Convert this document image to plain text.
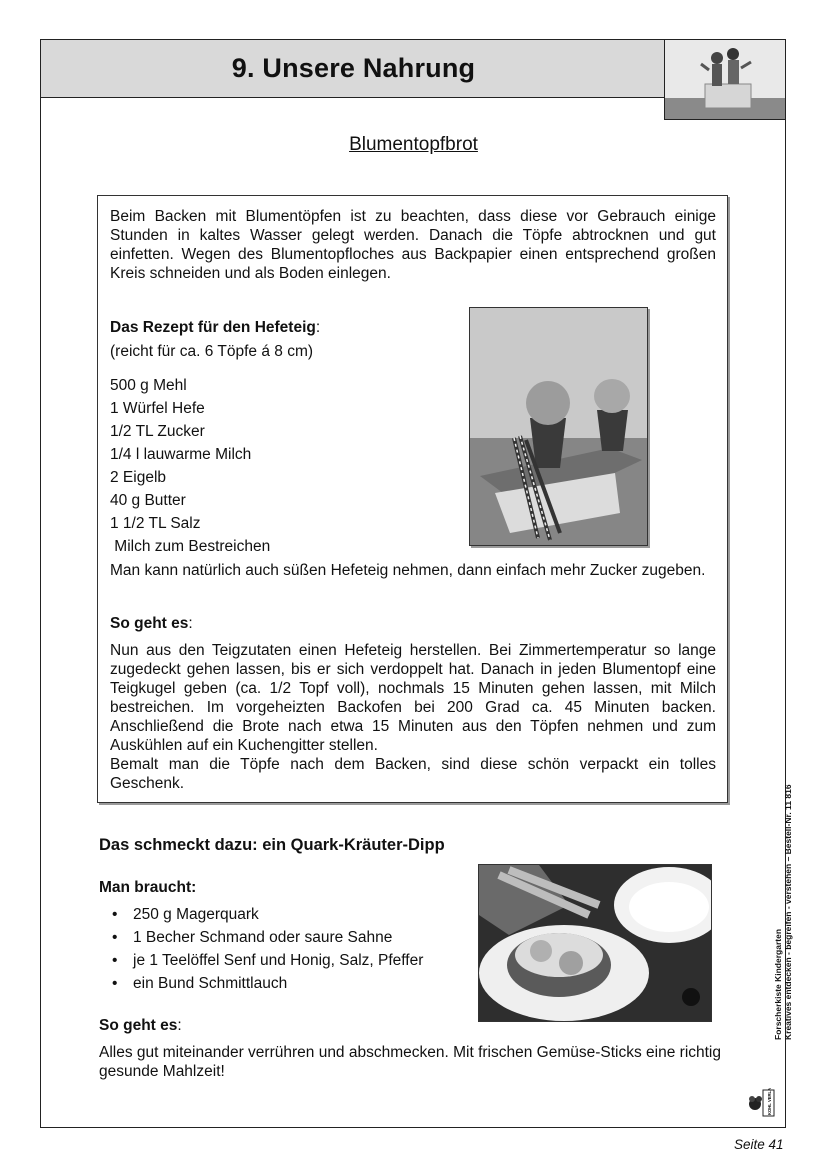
9. Unsere Nahrung
Blumentopfbrot
Beim Backen mit Blumentöpfen ist zu beachten, dass diese vor Gebrauch einige Stunden in kaltes Wasser gelegt werden. Danach die Töpfe abtrocknen und gut einfetten. Wegen des Blumentopfloches aus Backpapier einen entsprechend großen Kreis schneiden und als Boden einlegen.
Das Rezept für den Hefeteig:
(reicht für ca. 6 Töpfe á 8 cm)
500 g Mehl
1 Würfel Hefe
1/2 TL Zucker
1/4 l lauwarme Milch
2 Eigelb
40 g Butter
1 1/2 TL Salz
Milch zum Bestreichen
Man kann natürlich auch süßen Hefeteig nehmen, dann einfach mehr Zucker zugeben.
So geht es:
Nun aus den Teigzutaten einen Hefeteig herstellen. Bei Zimmertemperatur so lange zugedeckt gehen lassen, bis er sich verdoppelt hat. Danach in jeden Blumentopf eine Teigkugel geben (ca. 1/2 Topf voll), nochmals 15 Minuten gehen lassen, mit Milch bestreichen. Im vorgeheizten Backofen bei 200 Grad ca. 45 Minuten backen. Anschließend die Brote nach etwa 15 Minuten aus den Töpfen nehmen und zum Auskühlen auf ein Kuchengitter stellen.
Bemalt man die Töpfe nach dem Backen, sind diese schön verpackt ein tolles Geschenk.
Das schmeckt dazu: ein Quark-Kräuter-Dipp
Man braucht:
• 250 g Magerquark
• 1 Becher Schmand oder saure Sahne
• je 1 Teelöffel Senf und Honig, Salz, Pfeffer
• ein Bund Schmittlauch
So geht es:
Alles gut miteinander verrühren und abschmecken. Mit frischen Gemüse-Sticks eine richtig gesunde Mahlzeit!
Forscherkiste Kindergarten Kreatives entdecken - begreifen - verstehen – Bestell-Nr. 11 816
KOHL VERLAG
Seite 41
